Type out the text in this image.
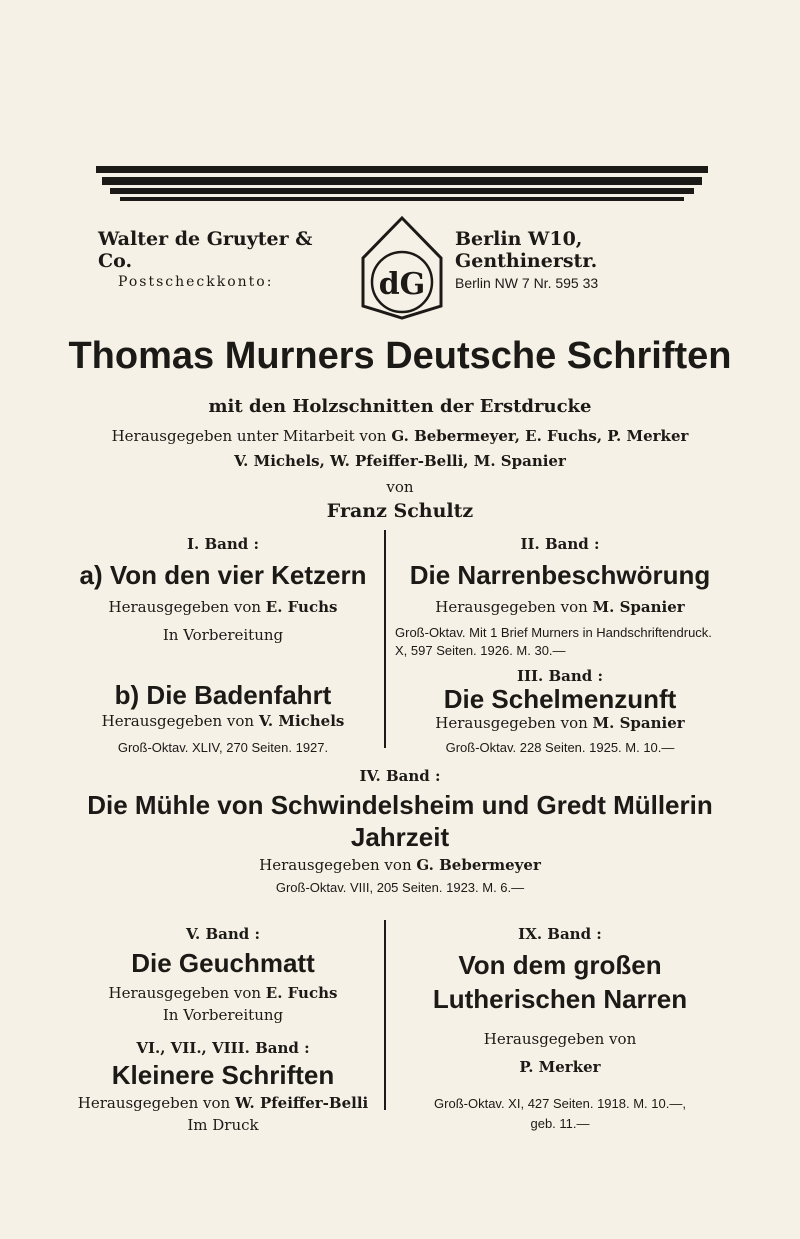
Walter de Gruyter & Co.
Postscheckkonto:	dG
Berlin W10, Genthinerstr.
Berlin NW 7 Nr. 595 33
Thomas Murners Deutsche Schriften
mit den Holzschnitten der Erstdrucke
Herausgegeben unter Mitarbeit von G. Bebermeyer, E. Fuchs, P. Merker
V. Michels, W. Pfeiffer-Belli, M. Spanier
von
Franz Schultz
I. Band :
a) Von den vier Ketzern
Herausgegeben von E. Fuchs
In Vorbereitung
b) Die Badenfahrt
Herausgegeben von V. Michels
Groß-Oktav. XLIV, 270 Seiten. 1927.
II. Band :
Die Narrenbeschwörung
Herausgegeben von M. Spanier
Groß-Oktav. Mit 1 Brief Murners in Handschriftendruck. X, 597 Seiten. 1926. M. 30.—
III. Band :
Die Schelmenzunft
Herausgegeben von M. Spanier
Groß-Oktav. 228 Seiten. 1925. M. 10.—
IV. Band :
Die Mühle von Schwindelsheim und Gredt Müllerin
Jahrzeit
Herausgegeben von G. Bebermeyer
Groß-Oktav. VIII, 205 Seiten. 1923. M. 6.—
V. Band :
Die Geuchmatt
Herausgegeben von E. Fuchs
In Vorbereitung
VI., VII., VIII. Band :
Kleinere Schriften
Herausgegeben von W. Pfeiffer-Belli
Im Druck
IX. Band :
Von dem großen
Lutherischen Narren
Herausgegeben von
P. Merker
Groß-Oktav. XI, 427 Seiten. 1918. M. 10.—,
geb. 11.—
